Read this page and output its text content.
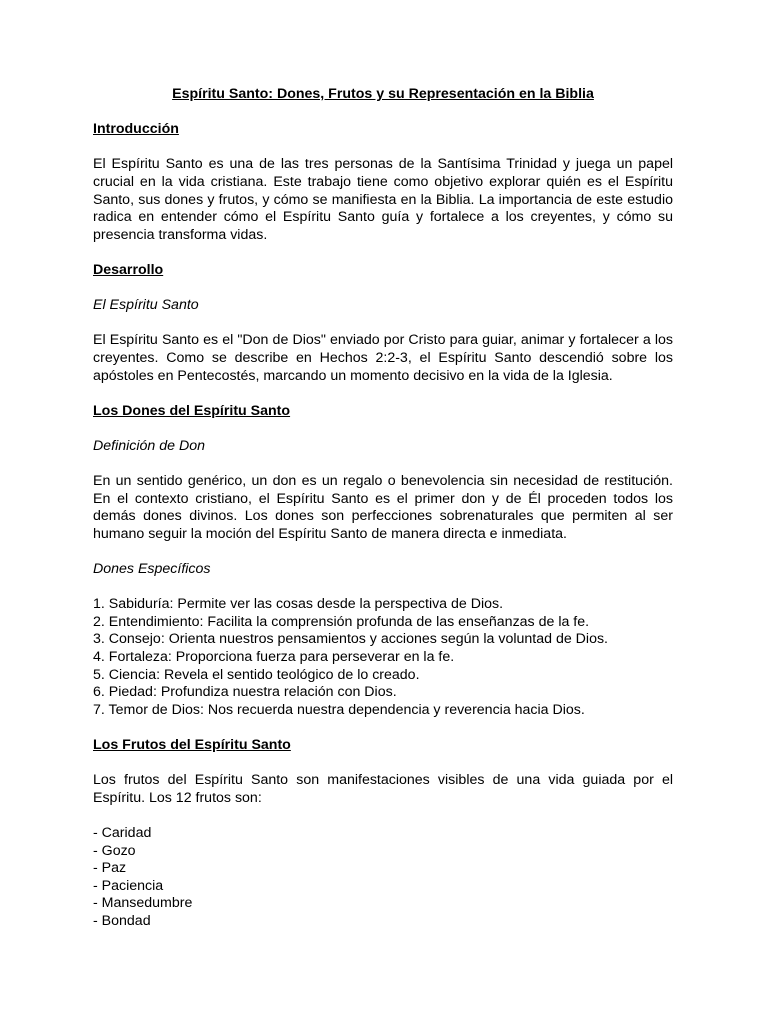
Espíritu Santo: Dones, Frutos y su Representación en la Biblia
Introducción

El Espíritu Santo es una de las tres personas de la Santísima Trinidad y juega un papel crucial en la vida cristiana. Este trabajo tiene como objetivo explorar quién es el Espíritu Santo, sus dones y frutos, y cómo se manifiesta en la Biblia. La importancia de este estudio radica en entender cómo el Espíritu Santo guía y fortalece a los creyentes, y cómo su presencia transforma vidas.

Desarrollo

El Espíritu Santo

El Espíritu Santo es el "Don de Dios" enviado por Cristo para guiar, animar y fortalecer a los creyentes. Como se describe en Hechos 2:2-3, el Espíritu Santo descendió sobre los apóstoles en Pentecostés, marcando un momento decisivo en la vida de la Iglesia.

Los Dones del Espíritu Santo

Definición de Don

En un sentido genérico, un don es un regalo o benevolencia sin necesidad de restitución. En el contexto cristiano, el Espíritu Santo es el primer don y de Él proceden todos los demás dones divinos. Los dones son perfecciones sobrenaturales que permiten al ser humano seguir la moción del Espíritu Santo de manera directa e inmediata.

Dones Específicos

1. Sabiduría: Permite ver las cosas desde la perspectiva de Dios.
2. Entendimiento: Facilita la comprensión profunda de las enseñanzas de la fe.
3. Consejo: Orienta nuestros pensamientos y acciones según la voluntad de Dios.
4. Fortaleza: Proporciona fuerza para perseverar en la fe.
5. Ciencia: Revela el sentido teológico de lo creado.
6. Piedad: Profundiza nuestra relación con Dios.
7. Temor de Dios: Nos recuerda nuestra dependencia y reverencia hacia Dios.
Los Frutos del Espíritu Santo

Los frutos del Espíritu Santo son manifestaciones visibles de una vida guiada por el Espíritu. Los 12 frutos son:

- Caridad
- Gozo
- Paz
- Paciencia
- Mansedumbre
- Bondad
